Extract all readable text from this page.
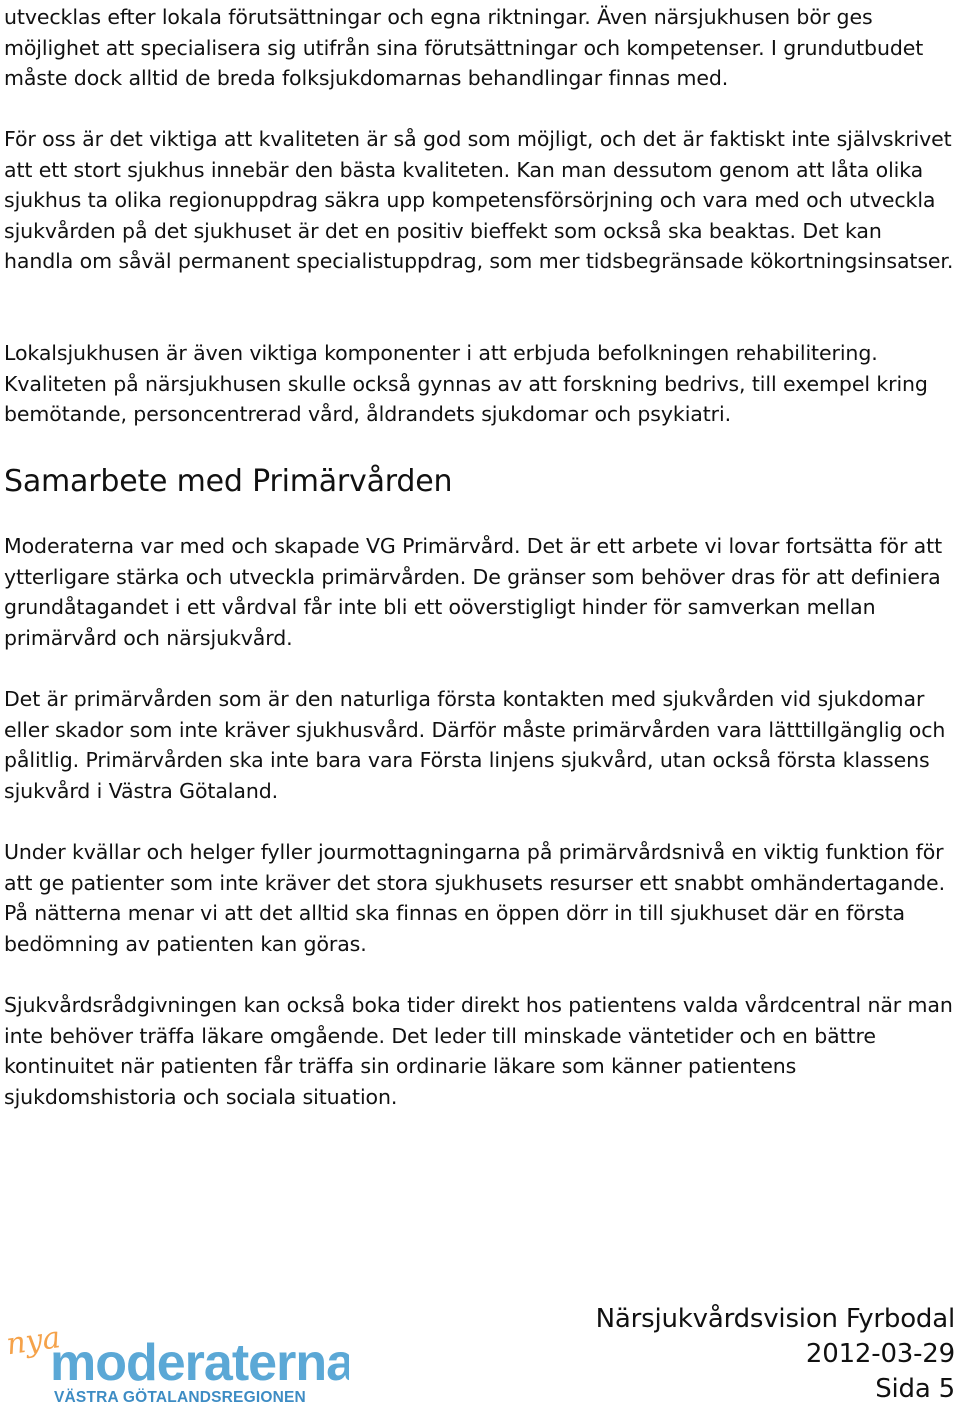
utvecklas efter lokala förutsättningar och egna riktningar. Även närsjukhusen bör ges möjlighet att specialisera sig utifrån sina förutsättningar och kompetenser. I grundutbudet måste dock alltid de breda folksjukdomarnas behandlingar finnas med.

För oss är det viktiga att kvaliteten är så god som möjligt, och det är faktiskt inte självskrivet att ett stort sjukhus innebär den bästa kvaliteten. Kan man dessutom genom att låta olika sjukhus ta olika regionuppdrag säkra upp kompetensförsörjning och vara med och utveckla sjukvården på det sjukhuset är det en positiv bieffekt som också ska beaktas. Det kan handla om såväl permanent specialistuppdrag, som mer tidsbegränsade kökortningsinsatser.

Lokalsjukhusen är även viktiga komponenter i att erbjuda befolkningen rehabilitering. Kvaliteten på närsjukhusen skulle också gynnas av att forskning bedrivs, till exempel kring bemötande, personcentrerad vård, åldrandets sjukdomar och psykiatri.

Samarbete med Primärvården

Moderaterna var med och skapade VG Primärvård. Det är ett arbete vi lovar fortsätta för att ytterligare stärka och utveckla primärvården. De gränser som behöver dras för att definiera grundåtagandet i ett vårdval får inte bli ett oöverstigligt hinder för samverkan mellan primärvård och närsjukvård.

Det är primärvården som är den naturliga första kontakten med sjukvården vid sjukdomar eller skador som inte kräver sjukhusvård. Därför måste primärvården vara lätttillgänglig och pålitlig. Primärvården ska inte bara vara Första linjens sjukvård, utan också första klassens sjukvård i Västra Götaland.

Under kvällar och helger fyller jourmottagningarna på primärvårdsnivå en viktig funktion för att ge patienter som inte kräver det stora sjukhusets resurser ett snabbt omhändertagande. På nätterna menar vi att det alltid ska finnas en öppen dörr in till sjukhuset där en första bedömning av patienten kan göras.

Sjukvårdsrådgivningen kan också boka tider direkt hos patientens valda vårdcentral när man inte behöver träffa läkare omgående. Det leder till minskade väntetider och en bättre kontinuitet när patienten får träffa sin ordinarie läkare som känner patientens sjukdomshistoria och sociala situation.

nya
moderaterna
VÄSTRA GÖTALANDSREGIONEN
Närsjukvårdsvision Fyrbodal
2012-03-29
Sida 5
